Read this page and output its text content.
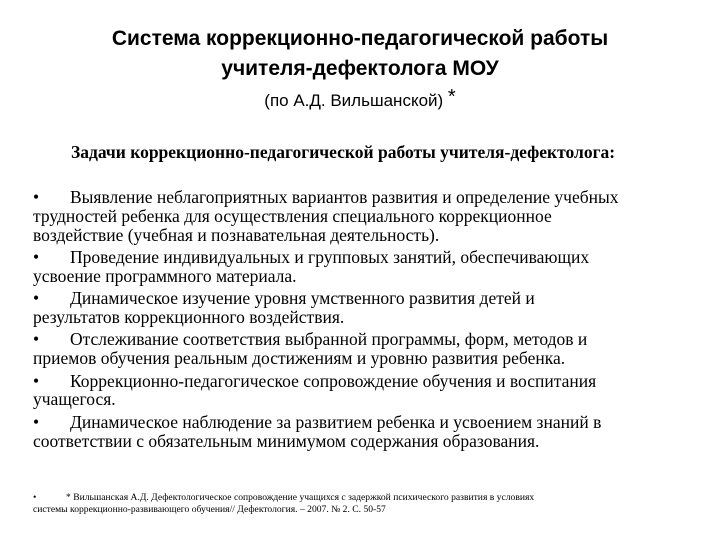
Система коррекционно-педагогической работы
учителя-дефектолога МОУ
(по А.Д. Вильшанской) *
Задачи коррекционно-педагогической работы учителя-дефектолога:
• Выявление неблагоприятных вариантов развития и определение учебных
трудностей ребенка для осуществления специального коррекционное
воздействие (учебная и познавательная деятельность).
• Проведение индивидуальных и групповых занятий, обеспечивающих
усвоение программного материала.
• Динамическое изучение уровня умственного развития детей и
результатов коррекционного воздействия.
• Отслеживание соответствия выбранной программы, форм, методов и
приемов обучения реальным достижениям и уровню развития ребенка.
• Коррекционно-педагогическое сопровождение обучения и воспитания
учащегося.
• Динамическое наблюдение за развитием ребенка и усвоением знаний в
соответствии с обязательным минимумом содержания образования.
•	* Вильшанская А.Д. Дефектологическое сопровождение учащихся с задержкой психического развития в условиях
системы коррекционно-развивающего обучения// Дефектология. – 2007. № 2. С. 50-57
